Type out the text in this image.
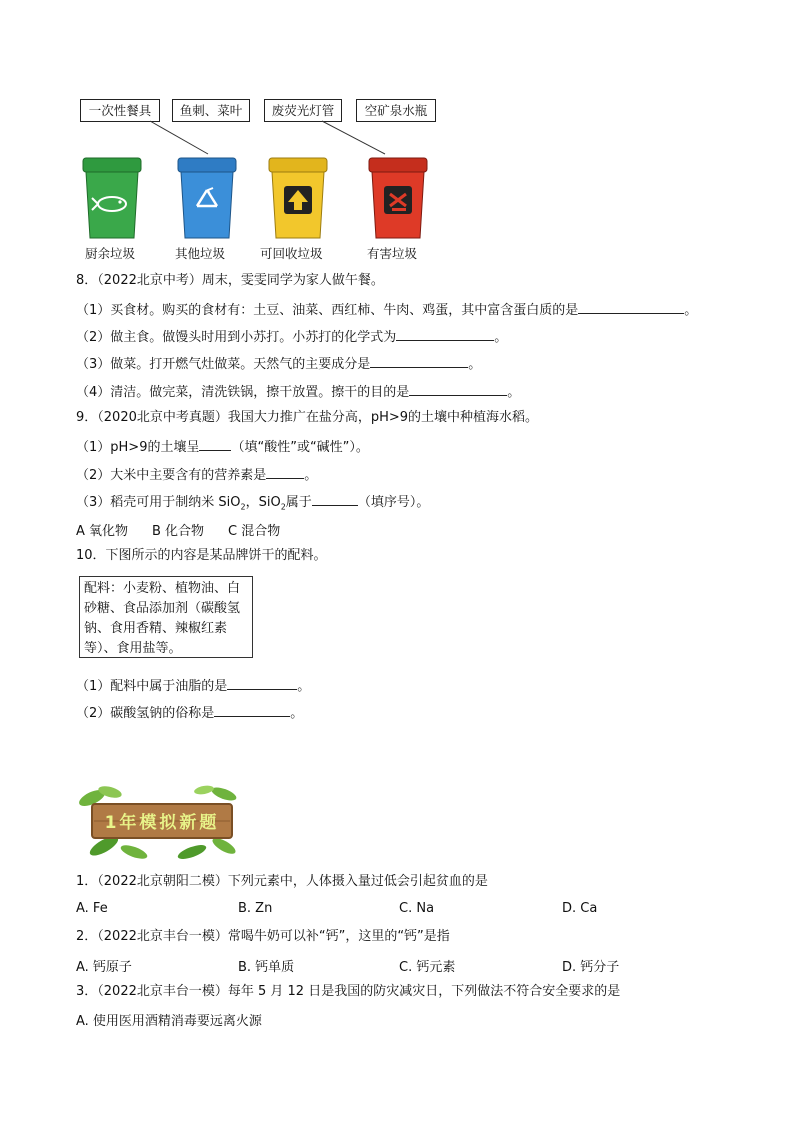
一次性餐具	鱼刺、菜叶	废荧光灯管	空矿泉水瓶
厨余垃圾	其他垃圾	可回收垃圾	有害垃圾
8．（2022北京中考）周末，雯雯同学为家人做午餐。
（1）买食材。购买的食材有：土豆、油菜、西红柿、牛肉、鸡蛋，其中富含蛋白质的是	。
（2）做主食。做馒头时用到小苏打。小苏打的化学式为	。
（3）做菜。打开燃气灶做菜。天然气的主要成分是	。
（4）清洁。做完菜，清洗铁锅，擦干放置。擦干的目的是	。
9．（2020北京中考真题）我国大力推广在盐分高，pH>9的土壤中种植海水稻。
（1）pH>9的土壤呈 （填“酸性”或“碱性”）。
（2）大米中主要含有的营养素是	。
（3）稻壳可用于制纳米 SiO$_2$，SiO$_2$属于	（填序号）。
A 氧化物 B 化合物 C 混合物
10．下图所示的内容是某品牌饼干的配料。
配料：小麦粉、植物油、白砂糖、食品添加剂（碳酸氢钠、食用香精、辣椒红素等）、食用盐等。
（1）配料中属于油脂的是	。
（2）碳酸氢钠的俗称是	。
1年模拟新题
1．（2022北京朝阳二模）下列元素中，人体摄入量过低会引起贫血的是
A. Fe	B. Zn	C. Na	D. Ca
2．（2022北京丰台一模）常喝牛奶可以补“钙”，这里的“钙”是指
A. 钙原子	B. 钙单质	C. 钙元素	D. 钙分子
3．（2022北京丰台一模）每年 5 月 12 日是我国的防灾减灾日，下列做法不符合安全要求的是
A. 使用医用酒精消毒要远离火源
